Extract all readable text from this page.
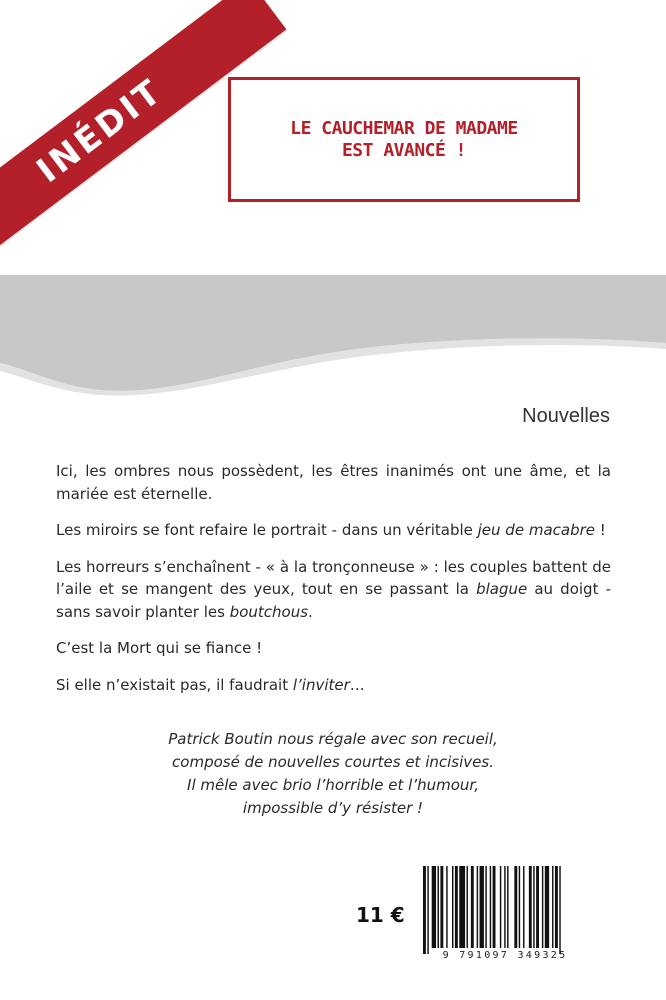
INÉDIT	LE CAUCHEMAR DE MADAME
EST AVANCÉ !
Nouvelles

Ici, les ombres nous possèdent, les êtres inanimés ont une âme, et la mariée est éternelle.

Les miroirs se font refaire le portrait - dans un véritable jeu de macabre !

Les horreurs s’enchaînent - « à la tronçonneuse » : les couples battent de l’aile et se mangent des yeux, tout en se passant la blague au doigt - sans savoir planter les boutchous.

C’est la Mort qui se fiance !

Si elle n’existait pas, il faudrait l’inviter…

Patrick Boutin nous régale avec son recueil,
composé de nouvelles courtes et incisives.
Il mêle avec brio l’horrible et l’humour,
impossible d’y résister !
11 €
9 791097 349325
